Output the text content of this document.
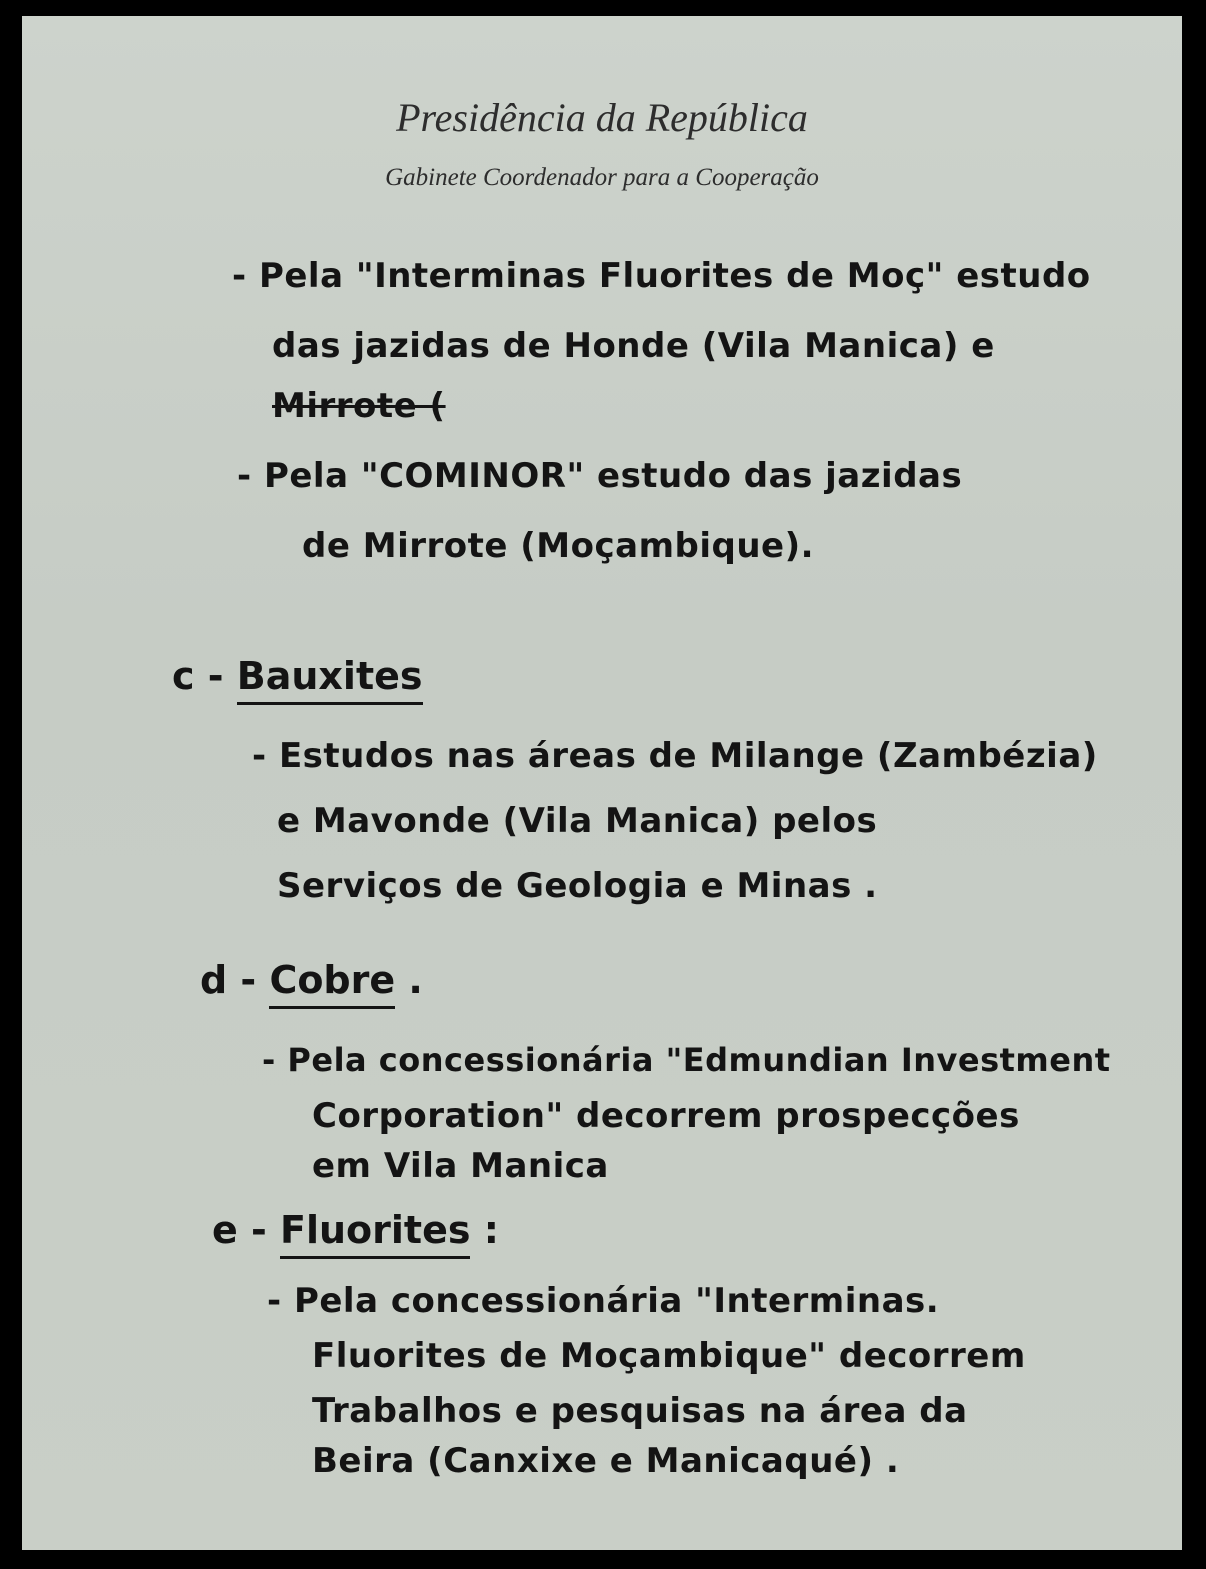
Presidência da República
Gabinete Coordenador para a Cooperação
- Pela "Interminas Fluorites de Moç" estudo
das jazidas de Honde (Vila Manica) e
Mirrote (
- Pela "COMINOR" estudo das jazidas
de Mirrote (Moçambique).
c - Bauxites
- Estudos nas áreas de Milange (Zambézia)
e Mavonde (Vila Manica) pelos
Serviços de Geologia e Minas .
d - Cobre .
- Pela concessionária "Edmundian Investment
Corporation" decorrem prospecções
em Vila Manica
e - Fluorites :
- Pela concessionária "Interminas.
Fluorites de Moçambique" decorrem
Trabalhos e pesquisas na área da
Beira (Canxixe e Manicaqué) .
